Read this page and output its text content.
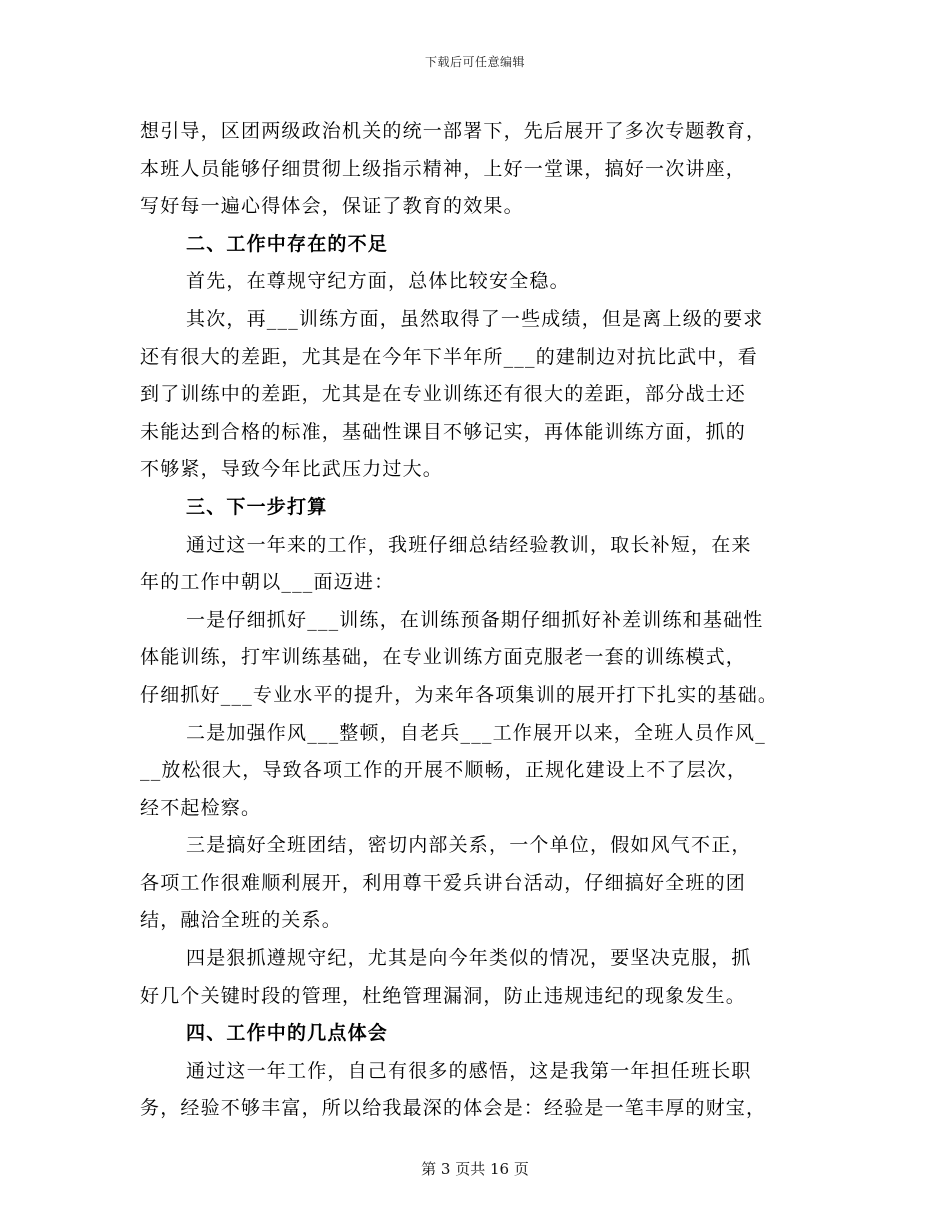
下载后可任意编辑
想引导，区团两级政治机关的统一部署下，先后展开了多次专题教育，
本班人员能够仔细贯彻上级指示精神，上好一堂课，搞好一次讲座，
写好每一遍心得体会，保证了教育的效果。
二、工作中存在的不足
首先，在尊规守纪方面，总体比较安全稳。
其次，再___训练方面，虽然取得了一些成绩，但是离上级的要求
还有很大的差距，尤其是在今年下半年所___的建制边对抗比武中，看
到了训练中的差距，尤其是在专业训练还有很大的差距，部分战士还
未能达到合格的标准，基础性课目不够记实，再体能训练方面，抓的
不够紧，导致今年比武压力过大。
三、下一步打算
通过这一年来的工作，我班仔细总结经验教训，取长补短，在来
年的工作中朝以___面迈进：
一是仔细抓好___训练，在训练预备期仔细抓好补差训练和基础性
体能训练，打牢训练基础，在专业训练方面克服老一套的训练模式，
仔细抓好___专业水平的提升，为来年各项集训的展开打下扎实的基础。
二是加强作风___整顿，自老兵___工作展开以来，全班人员作风_
__放松很大，导致各项工作的开展不顺畅，正规化建设上不了层次，
经不起检察。
三是搞好全班团结，密切内部关系，一个单位，假如风气不正，
各项工作很难顺利展开，利用尊干爱兵讲台活动，仔细搞好全班的团
结，融洽全班的关系。
四是狠抓遵规守纪，尤其是向今年类似的情况，要坚决克服，抓
好几个关键时段的管理，杜绝管理漏洞，防止违规违纪的现象发生。
四、工作中的几点体会
通过这一年工作，自己有很多的感悟，这是我第一年担任班长职
务，经验不够丰富，所以给我最深的体会是：经验是一笔丰厚的财宝，
第 3 页共 16 页
